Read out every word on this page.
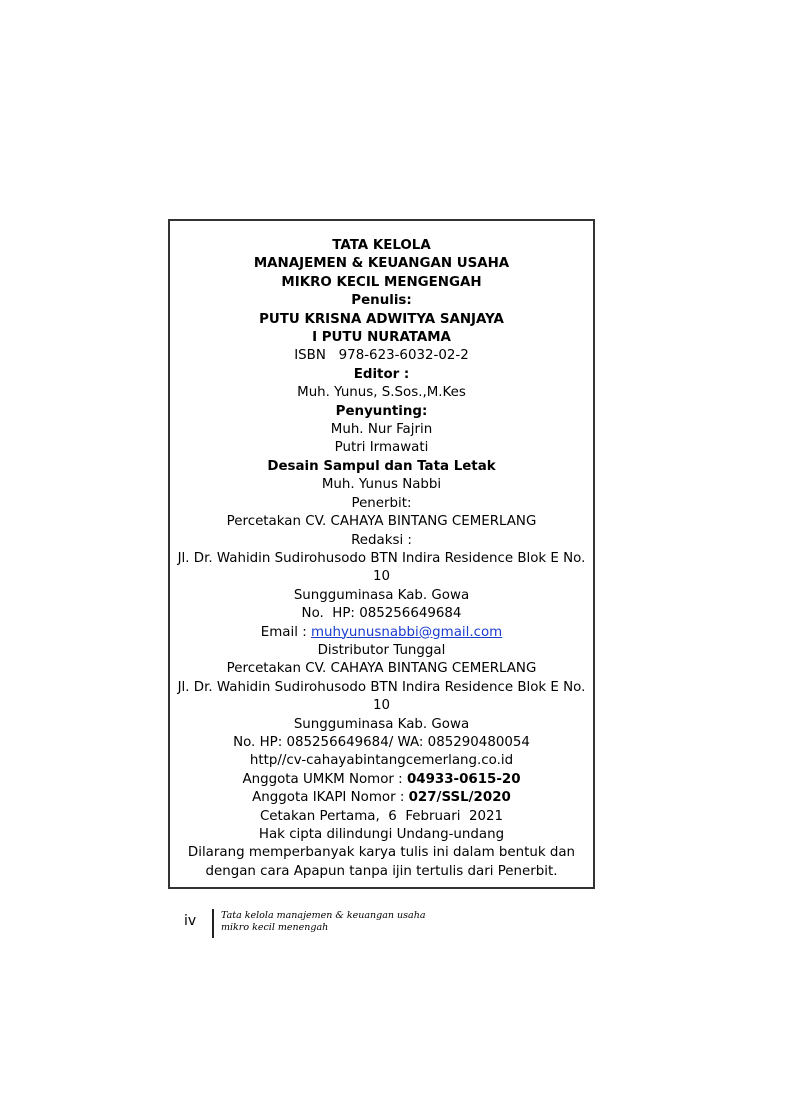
TATA KELOLA
MANAJEMEN & KEUANGAN USAHA
MIKRO KECIL MENGENGAH
Penulis:
PUTU KRISNA ADWITYA SANJAYA
I PUTU NURATAMA
ISBN   978-623-6032-02-2
Editor :
Muh. Yunus, S.Sos.,M.Kes
Penyunting:
Muh. Nur Fajrin
Putri Irmawati
Desain Sampul dan Tata Letak
Muh. Yunus Nabbi
Penerbit:
Percetakan CV. CAHAYA BINTANG CEMERLANG
Redaksi :
Jl. Dr. Wahidin Sudirohusodo BTN Indira Residence Blok E No. 10
Sungguminasa Kab. Gowa
No.  HP: 085256649684
Email : muhyunusnabbi@gmail.com
Distributor Tunggal
Percetakan CV. CAHAYA BINTANG CEMERLANG
Jl. Dr. Wahidin Sudirohusodo BTN Indira Residence Blok E No. 10
Sungguminasa Kab. Gowa
No. HP: 085256649684/ WA: 085290480054
http//cv-cahayabintangcemerlang.co.id
Anggota UMKM Nomor : 04933-0615-20
Anggota IKAPI Nomor : 027/SSL/2020
Cetakan Pertama,  6  Februari  2021
Hak cipta dilindungi Undang-undang
Dilarang memperbanyak karya tulis ini dalam bentuk dan dengan cara Apapun tanpa ijin tertulis dari Penerbit.
iv	Tata kelola manajemen & keuangan usaha
mikro kecil menengah
